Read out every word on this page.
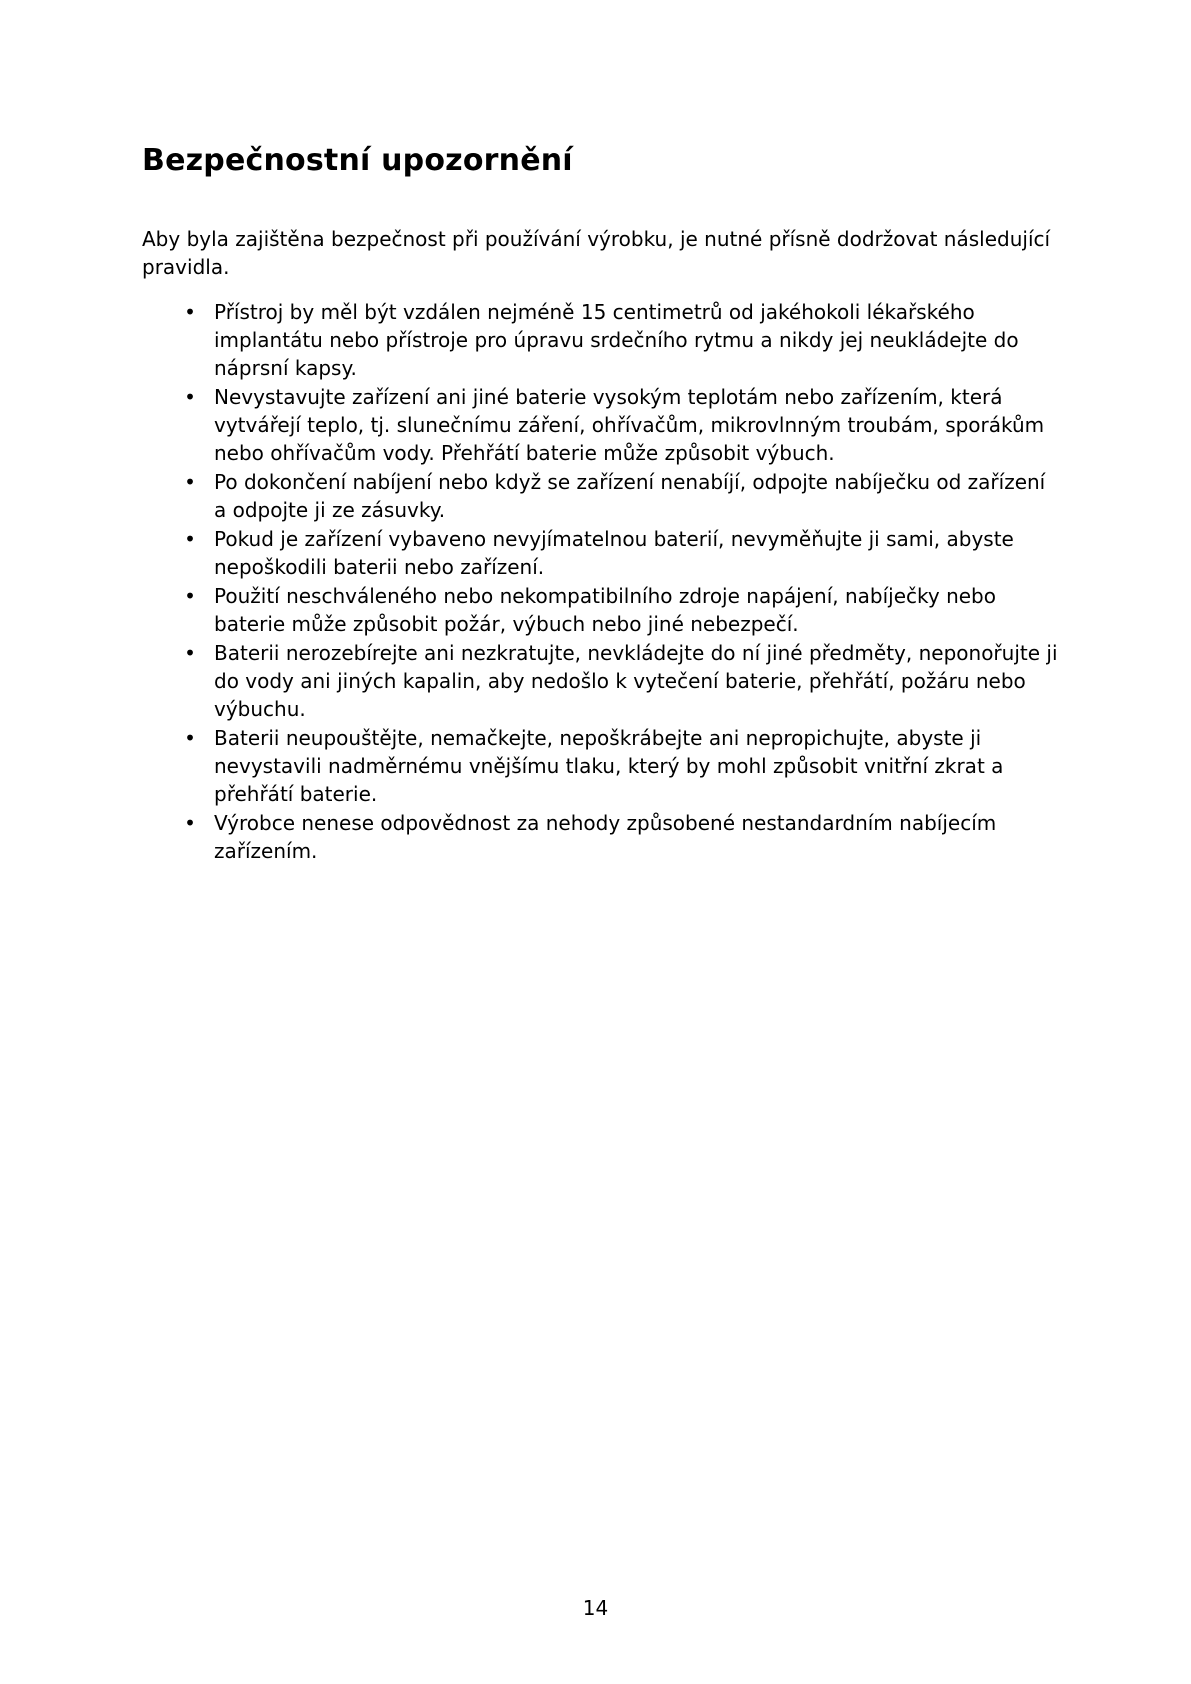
Bezpečnostní upozornění

Aby byla zajištěna bezpečnost při používání výrobku, je nutné přísně dodržovat následující pravidla.

• Přístroj by měl být vzdálen nejméně 15 centimetrů od jakéhokoli lékařského implantátu nebo přístroje pro úpravu srdečního rytmu a nikdy jej neukládejte do náprsní kapsy.
• Nevystavujte zařízení ani jiné baterie vysokým teplotám nebo zařízením, která vytvářejí teplo, tj. slunečnímu záření, ohřívačům, mikrovlnným troubám, sporákům nebo ohřívačům vody. Přehřátí baterie může způsobit výbuch.
• Po dokončení nabíjení nebo když se zařízení nenabíjí, odpojte nabíječku od zařízení a odpojte ji ze zásuvky.
• Pokud je zařízení vybaveno nevyjímatelnou baterií, nevyměňujte ji sami, abyste nepoškodili baterii nebo zařízení.
• Použití neschváleného nebo nekompatibilního zdroje napájení, nabíječky nebo baterie může způsobit požár, výbuch nebo jiné nebezpečí.
• Baterii nerozebírejte ani nezkratujte, nevkládejte do ní jiné předměty, neponořujte ji do vody ani jiných kapalin, aby nedošlo k vytečení baterie, přehřátí, požáru nebo výbuchu.
• Baterii neupouštějte, nemačkejte, nepoškrábejte ani nepropichujte, abyste ji nevystavili nadměrnému vnějšímu tlaku, který by mohl způsobit vnitřní zkrat a přehřátí baterie.
• Výrobce nenese odpovědnost za nehody způsobené nestandardním nabíjecím zařízením.
14
